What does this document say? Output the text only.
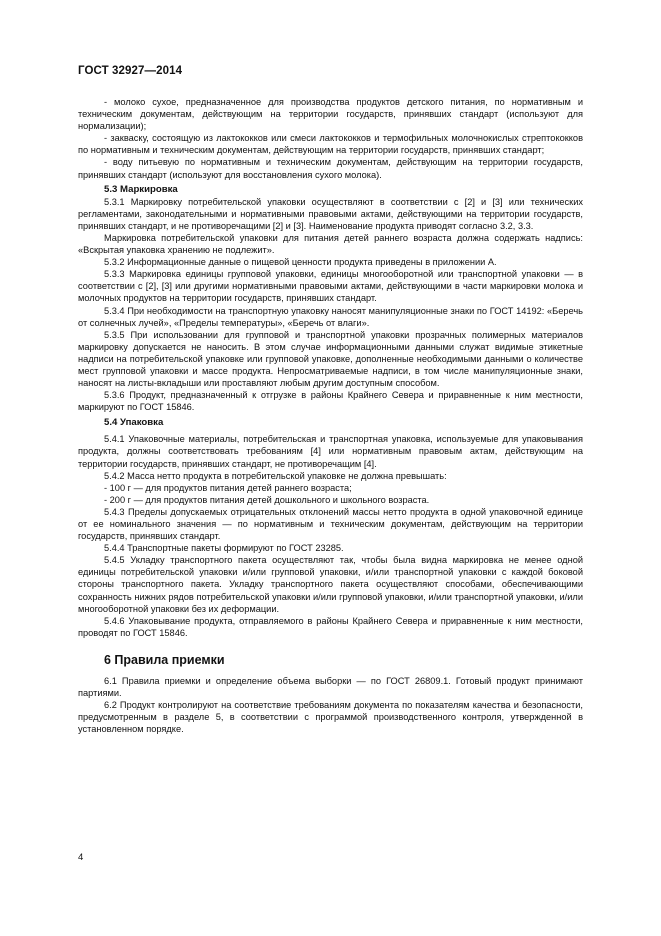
ГОСТ 32927—2014

- молоко сухое, предназначенное для производства продуктов детского питания, по нормативным и техническим документам, действующим на территории государств, принявших стандарт (используют для нормализации);

- закваску, состоящую из лактококков или смеси лактококков и термофильных молочнокислых стрептококков по нормативным и техническим документам, действующим на территории государств, принявших стандарт;

- воду питьевую по нормативным и техническим документам, действующим на территории государств, принявших стандарт (используют для восстановления сухого молока).

5.3 Маркировка

5.3.1 Маркировку потребительской упаковки осуществляют в соответствии с [2] и [3] или технических регламентами, законодательными и нормативными правовыми актами, действующими на территории государств, принявших стандарт, и не противоречащими [2] и [3]. Наименование продукта приводят согласно 3.2, 3.3.

Маркировка потребительской упаковки для питания детей раннего возраста должна содержать надпись: «Вскрытая упаковка хранению не подлежит».

5.3.2 Информационные данные о пищевой ценности продукта приведены в приложении А.

5.3.3 Маркировка единицы групповой упаковки, единицы многооборотной или транспортной упаковки — в соответствии с [2], [3] или другими нормативными правовыми актами, действующими в части маркировки молока и молочных продуктов на территории государств, принявших стандарт.

5.3.4 При необходимости на транспортную упаковку наносят манипуляционные знаки по ГОСТ 14192: «Беречь от солнечных лучей», «Пределы температуры», «Беречь от влаги».

5.3.5 При использовании для групповой и транспортной упаковки прозрачных полимерных материалов маркировку допускается не наносить. В этом случае информационными данными служат видимые этикетные надписи на потребительской упаковке или групповой упаковке, дополненные необходимыми данными о количестве мест групповой упаковки и массе продукта. Непросматриваемые надписи, в том числе манипуляционные знаки, наносят на листы-вкладыши или проставляют любым другим доступным способом.

5.3.6 Продукт, предназначенный к отгрузке в районы Крайнего Севера и приравненные к ним местности, маркируют по ГОСТ 15846.

5.4 Упаковка

5.4.1 Упаковочные материалы, потребительская и транспортная упаковка, используемые для упаковывания продукта, должны соответствовать требованиям [4] или нормативным правовым актам, действующим на территории государств, принявших стандарт, не противоречащим [4].

5.4.2 Масса нетто продукта в потребительской упаковке не должна превышать:

- 100 г — для продуктов питания детей раннего возраста;

- 200 г — для продуктов питания детей дошкольного и школьного возраста.

5.4.3 Пределы допускаемых отрицательных отклонений массы нетто продукта в одной упаковочной единице от ее номинального значения — по нормативным и техническим документам, действующим на территории государств, принявших стандарт.

5.4.4 Транспортные пакеты формируют по ГОСТ 23285.

5.4.5 Укладку транспортного пакета осуществляют так, чтобы была видна маркировка не менее одной единицы потребительской упаковки и/или групповой упаковки, и/или транспортной упаковки с каждой боковой стороны транспортного пакета. Укладку транспортного пакета осуществляют способами, обеспечивающими сохранность нижних рядов потребительской упаковки и/или групповой упаковки, и/или транспортной упаковки, и/или многооборотной упаковки без их деформации.

5.4.6 Упаковывание продукта, отправляемого в районы Крайнего Севера и приравненные к ним местности, проводят по ГОСТ 15846.

6 Правила приемки

6.1 Правила приемки и определение объема выборки — по ГОСТ 26809.1. Готовый продукт принимают партиями.

6.2 Продукт контролируют на соответствие требованиям документа по показателям качества и безопасности, предусмотренным в разделе 5, в соответствии с программой производственного контроля, утвержденной в установленном порядке.

4
